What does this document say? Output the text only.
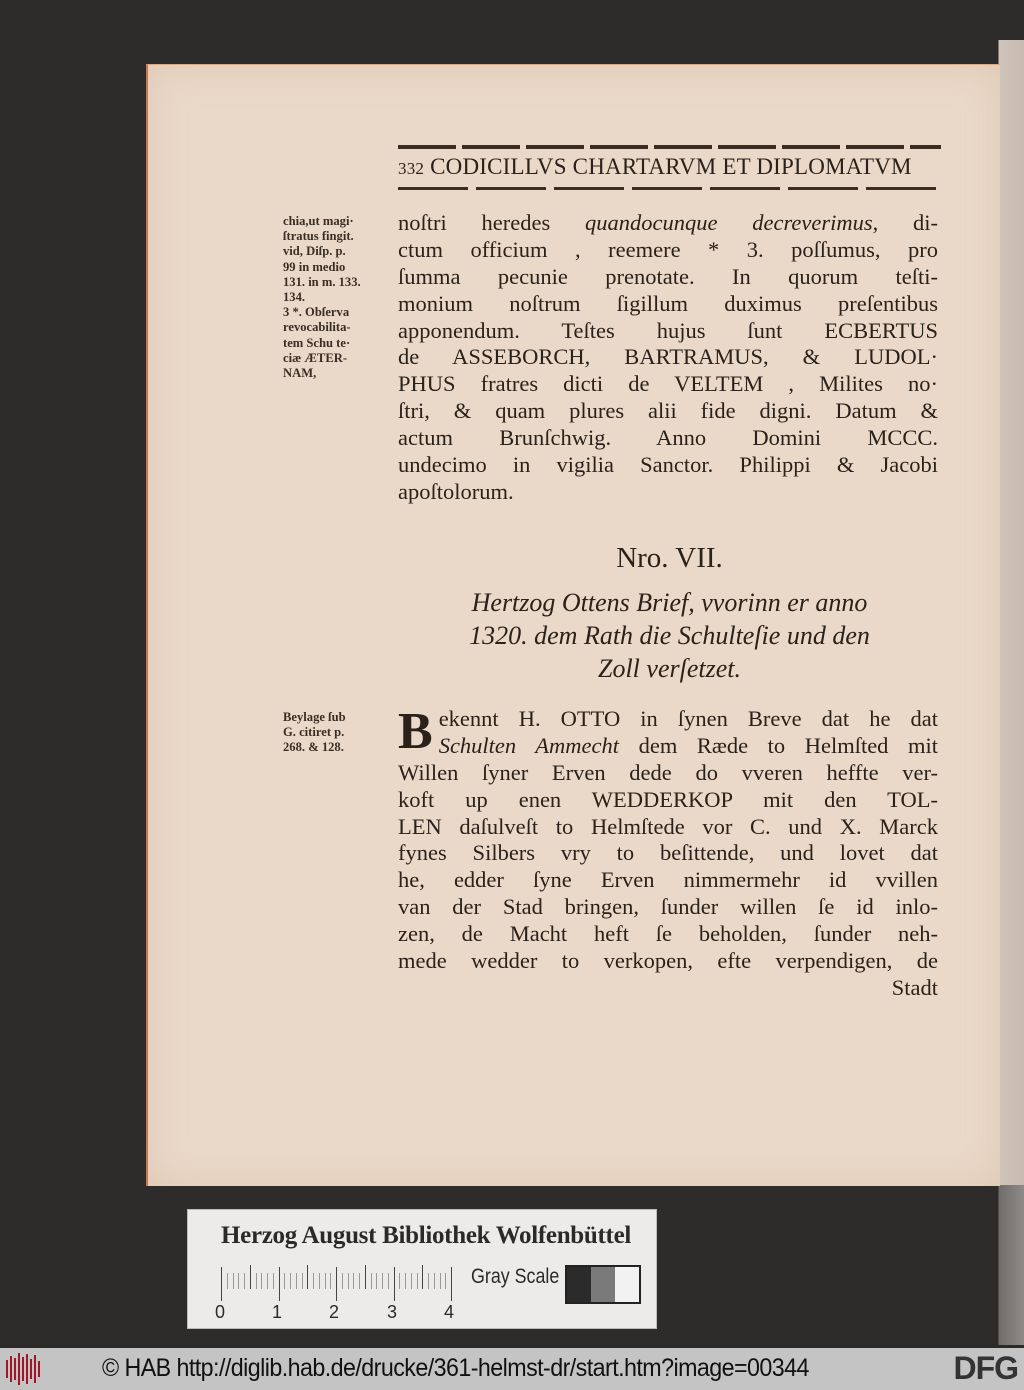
332 CODICILLVS CHARTARVM ET DIPLOMATVM
chia,ut magi·
ſtratus fingit.
vid, Diſp. p.
99 in medio
131. in m. 133.
134.
3 *. Obſerva
revocabilita-
tem Schu te·
ciæ ÆTER-
NAM,
noſtri heredes quandocunque decreverimus, di-
ctum officium , reemere * 3. poſſumus, pro
ſumma pecunie prenotate. In quorum teſti-
monium noſtrum ſigillum duximus preſentibus
apponendum. Teſtes hujus ſunt ECBERTUS
de ASSEBORCH, BARTRAMUS, & LUDOL·
PHUS fratres dicti de VELTEM , Milites no·
ſtri, & quam plures alii fide digni. Datum &
actum Brunſchwig. Anno Domini MCCC.
undecimo in vigilia Sanctor. Philippi & Jacobi
apoſtolorum.
Nro. VII.
Hertzog Ottens Brief, vvorinn er anno
1320. dem Rath die Schulteſie und den
Zoll verſetzet.
Beylage ſub
G. citiret p.
268. & 128.	B ekennt H. OTTO in ſynen Breve dat he dat
Schulten Ammecht dem Ræde to Helmſted mit
Willen ſyner Erven dede do vveren heffte ver-
koft up enen WEDDERKOP mit den TOL-
LEN daſulveſt to Helmſtede vor C. und X. Marck
fynes Silbers vry to beſittende, und lovet dat
he, edder ſyne Erven nimmermehr id vvillen
van der Stad bringen, ſunder willen ſe id inlo-
zen, de Macht heft ſe beholden, ſunder neh-
mede wedder to verkopen, efte verpendigen, de
Stadt
Herzog August Bibliothek Wolfenbüttel
0	1	2	3	4
Gray Scale
© HAB http://diglib.hab.de/drucke/361-helmst-dr/start.htm?image=00344	DFG
